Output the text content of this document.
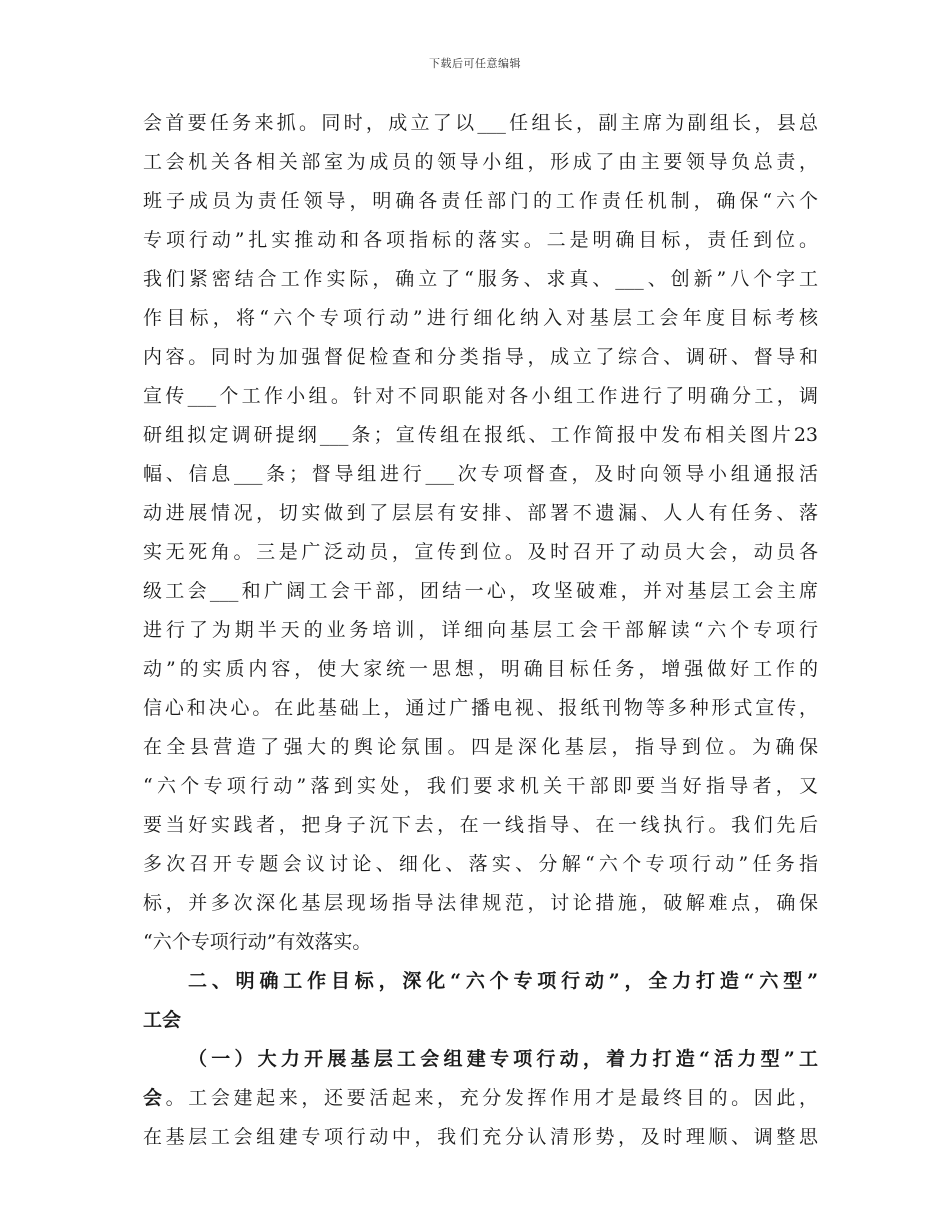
下载后可任意编辑
会首要任务来抓。同时，成立了以___任组长，副主席为副组长，县总
工会机关各相关部室为成员的领导小组，形成了由主要领导负总责，
班子成员为责任领导，明确各责任部门的工作责任机制，确保“六个
专项行动”扎实推动和各项指标的落实。二是明确目标，责任到位。
我们紧密结合工作实际，确立了“服务、求真、___、创新”八个字工
作目标，将“六个专项行动”进行细化纳入对基层工会年度目标考核
内容。同时为加强督促检查和分类指导，成立了综合、调研、督导和
宣传___个工作小组。针对不同职能对各小组工作进行了明确分工，调
研组拟定调研提纲___条；宣传组在报纸、工作简报中发布相关图片23
幅、信息___条；督导组进行___次专项督查，及时向领导小组通报活
动进展情况，切实做到了层层有安排、部署不遗漏、人人有任务、落
实无死角。三是广泛动员，宣传到位。及时召开了动员大会，动员各
级工会___和广阔工会干部，团结一心，攻坚破难，并对基层工会主席
进行了为期半天的业务培训，详细向基层工会干部解读“六个专项行
动”的实质内容，使大家统一思想，明确目标任务，增强做好工作的
信心和决心。在此基础上，通过广播电视、报纸刊物等多种形式宣传，
在全县营造了强大的舆论氛围。四是深化基层，指导到位。为确保
“六个专项行动”落到实处，我们要求机关干部即要当好指导者，又
要当好实践者，把身子沉下去，在一线指导、在一线执行。我们先后
多次召开专题会议讨论、细化、落实、分解“六个专项行动”任务指
标，并多次深化基层现场指导法律规范，讨论措施，破解难点，确保
“六个专项行动”有效落实。
二、明确工作目标，深化“六个专项行动”，全力打造“六型”
工会
（一）大力开展基层工会组建专项行动，着力打造“活力型”工
会。工会建起来，还要活起来，充分发挥作用才是最终目的。因此，
在基层工会组建专项行动中，我们充分认清形势，及时理顺、调整思
